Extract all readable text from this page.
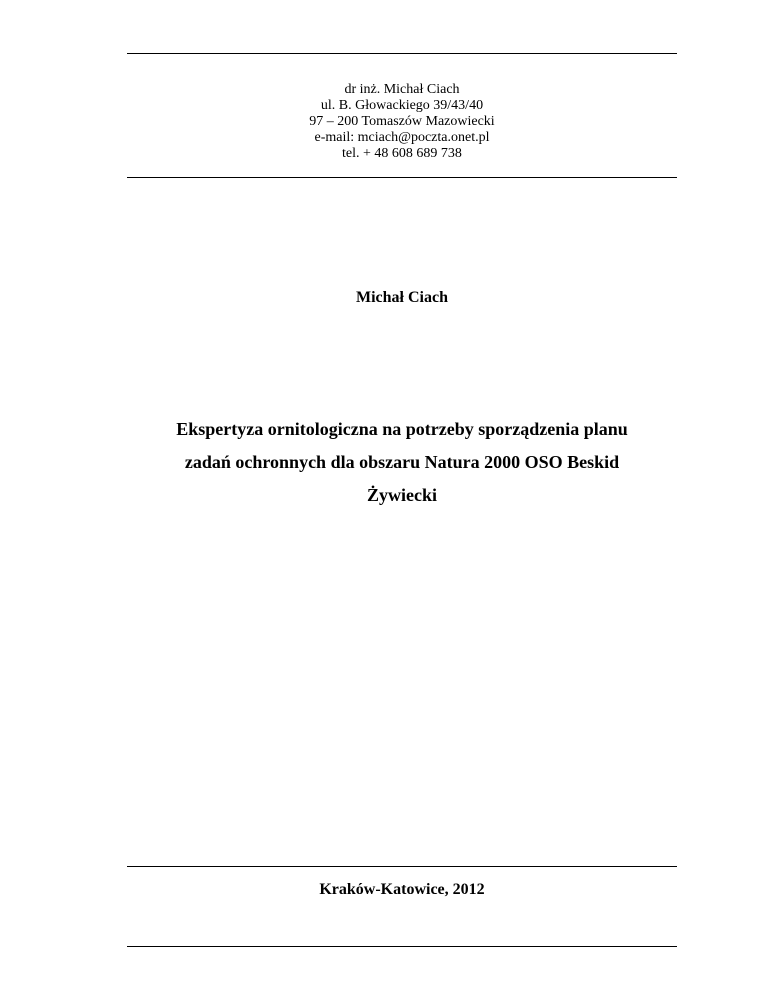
dr inż. Michał Ciach
ul. B. Głowackiego 39/43/40
97 – 200 Tomaszów Mazowiecki
e-mail: mciach@poczta.onet.pl
tel. + 48 608 689 738
Michał Ciach
Ekspertyza ornitologiczna na potrzeby sporządzenia planu
zadań ochronnych dla obszaru Natura 2000 OSO Beskid
Żywiecki
Kraków-Katowice, 2012
